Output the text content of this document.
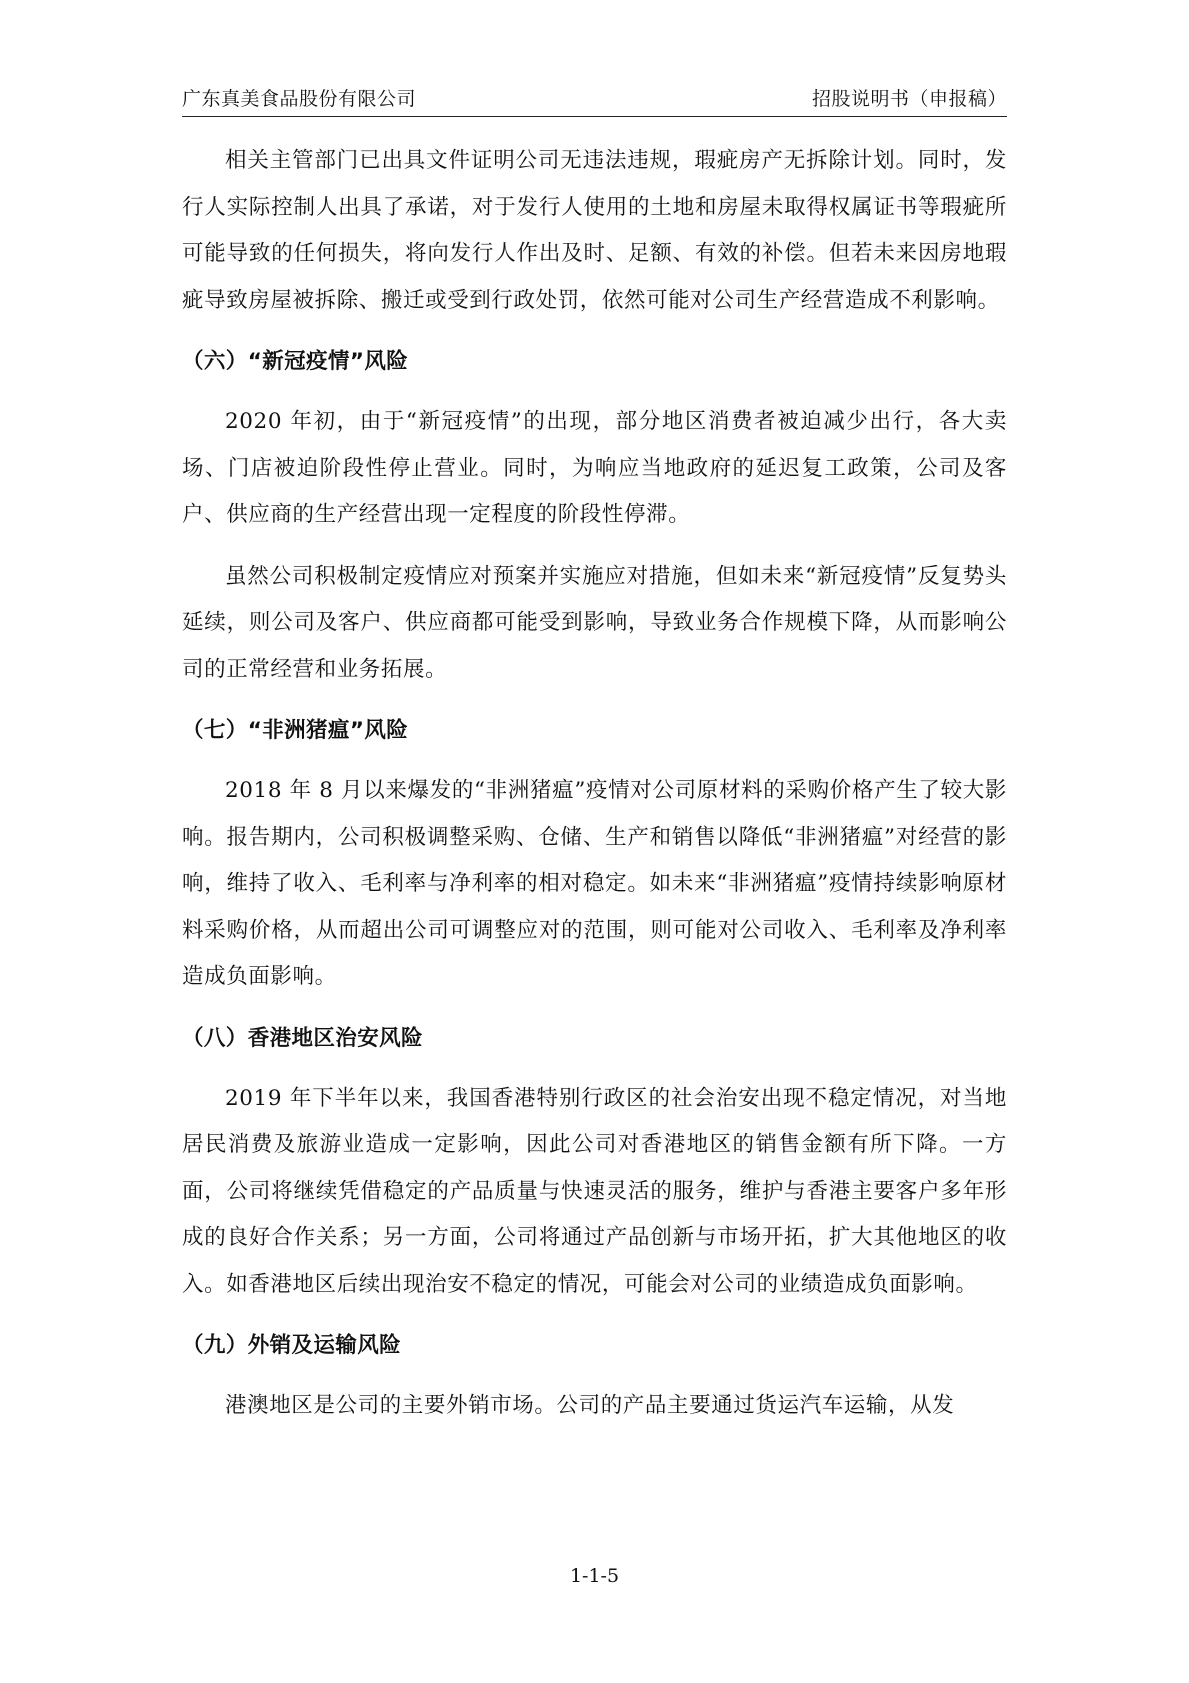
广东真美食品股份有限公司	招股说明书（申报稿）

相关主管部门已出具文件证明公司无违法违规，瑕疵房产无拆除计划。同时，发行人实际控制人出具了承诺，对于发行人使用的土地和房屋未取得权属证书等瑕疵所可能导致的任何损失，将向发行人作出及时、足额、有效的补偿。但若未来因房地瑕疵导致房屋被拆除、搬迁或受到行政处罚，依然可能对公司生产经营造成不利影响。

（六）“新冠疫情”风险

2020 年初，由于“新冠疫情”的出现，部分地区消费者被迫减少出行，各大卖场、门店被迫阶段性停止营业。同时，为响应当地政府的延迟复工政策，公司及客户、供应商的生产经营出现一定程度的阶段性停滞。

虽然公司积极制定疫情应对预案并实施应对措施，但如未来“新冠疫情”反复势头延续，则公司及客户、供应商都可能受到影响，导致业务合作规模下降，从而影响公司的正常经营和业务拓展。

（七）“非洲猪瘟”风险

2018 年 8 月以来爆发的“非洲猪瘟”疫情对公司原材料的采购价格产生了较大影响。报告期内，公司积极调整采购、仓储、生产和销售以降低“非洲猪瘟”对经营的影响，维持了收入、毛利率与净利率的相对稳定。如未来“非洲猪瘟”疫情持续影响原材料采购价格，从而超出公司可调整应对的范围，则可能对公司收入、毛利率及净利率造成负面影响。

（八）香港地区治安风险

2019 年下半年以来，我国香港特别行政区的社会治安出现不稳定情况，对当地居民消费及旅游业造成一定影响，因此公司对香港地区的销售金额有所下降。一方面，公司将继续凭借稳定的产品质量与快速灵活的服务，维护与香港主要客户多年形成的良好合作关系；另一方面，公司将通过产品创新与市场开拓，扩大其他地区的收入。如香港地区后续出现治安不稳定的情况，可能会对公司的业绩造成负面影响。

（九）外销及运输风险

港澳地区是公司的主要外销市场。公司的产品主要通过货运汽车运输，从发

1-1-5
